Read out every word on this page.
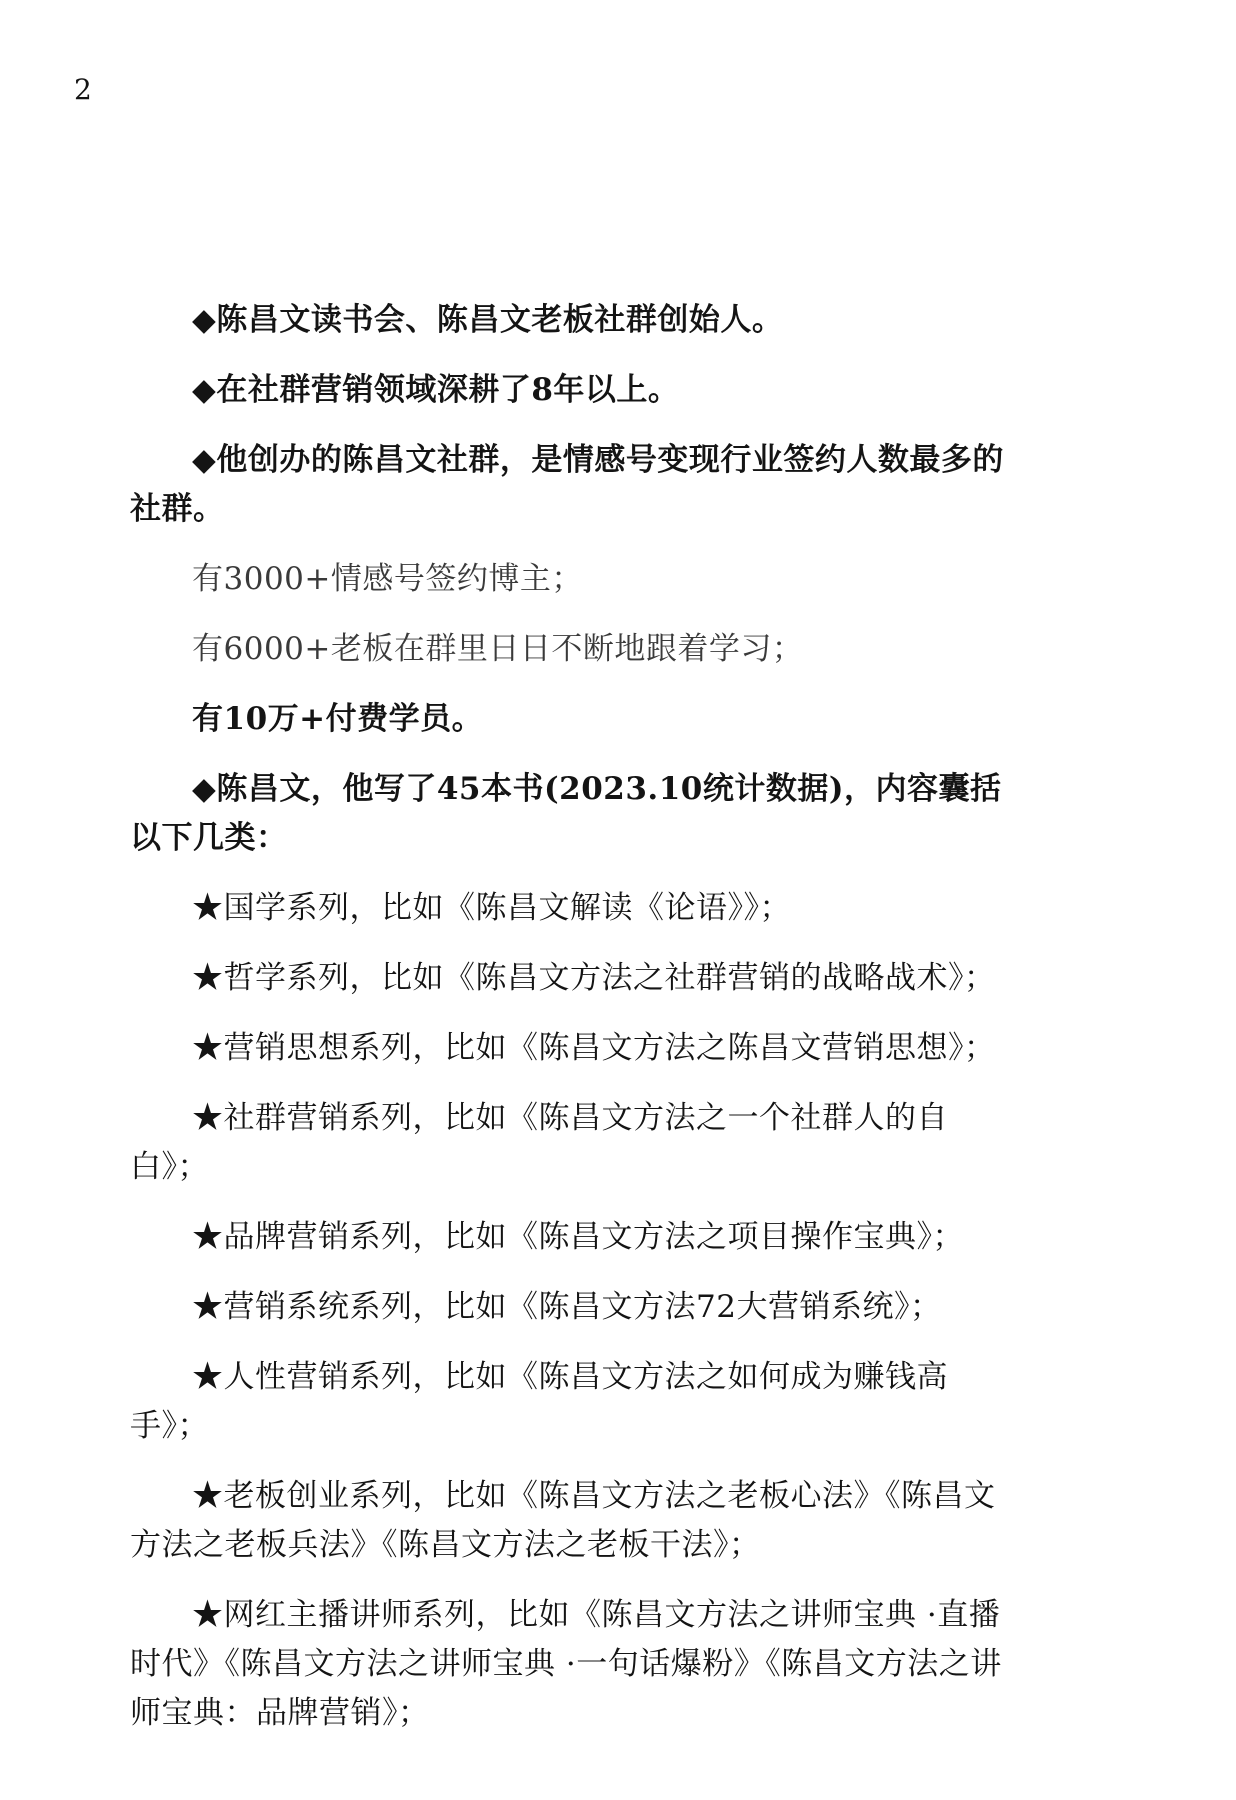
2

◆陈昌文读书会、陈昌文老板社群创始人。

◆在社群营销领域深耕了8年以上。

◆他创办的陈昌文社群，是情感号变现行业签约人数最多的社群。

有3000+情感号签约博主；

有6000+老板在群里日日不断地跟着学习；

有10万+付费学员。

◆陈昌文，他写了45本书(2023.10统计数据)，内容囊括以下几类：

★国学系列，比如《陈昌文解读《论语》》；

★哲学系列，比如《陈昌文方法之社群营销的战略战术》；

★营销思想系列，比如《陈昌文方法之陈昌文营销思想》；

★社群营销系列，比如《陈昌文方法之一个社群人的自白》；

★品牌营销系列，比如《陈昌文方法之项目操作宝典》；

★营销系统系列，比如《陈昌文方法72大营销系统》；

★人性营销系列，比如《陈昌文方法之如何成为赚钱高手》；

★老板创业系列，比如《陈昌文方法之老板心法》《陈昌文方法之老板兵法》《陈昌文方法之老板干法》；

★网红主播讲师系列，比如《陈昌文方法之讲师宝典 ·直播时代》《陈昌文方法之讲师宝典 ·一句话爆粉》《陈昌文方法之讲师宝典：品牌营销》；
